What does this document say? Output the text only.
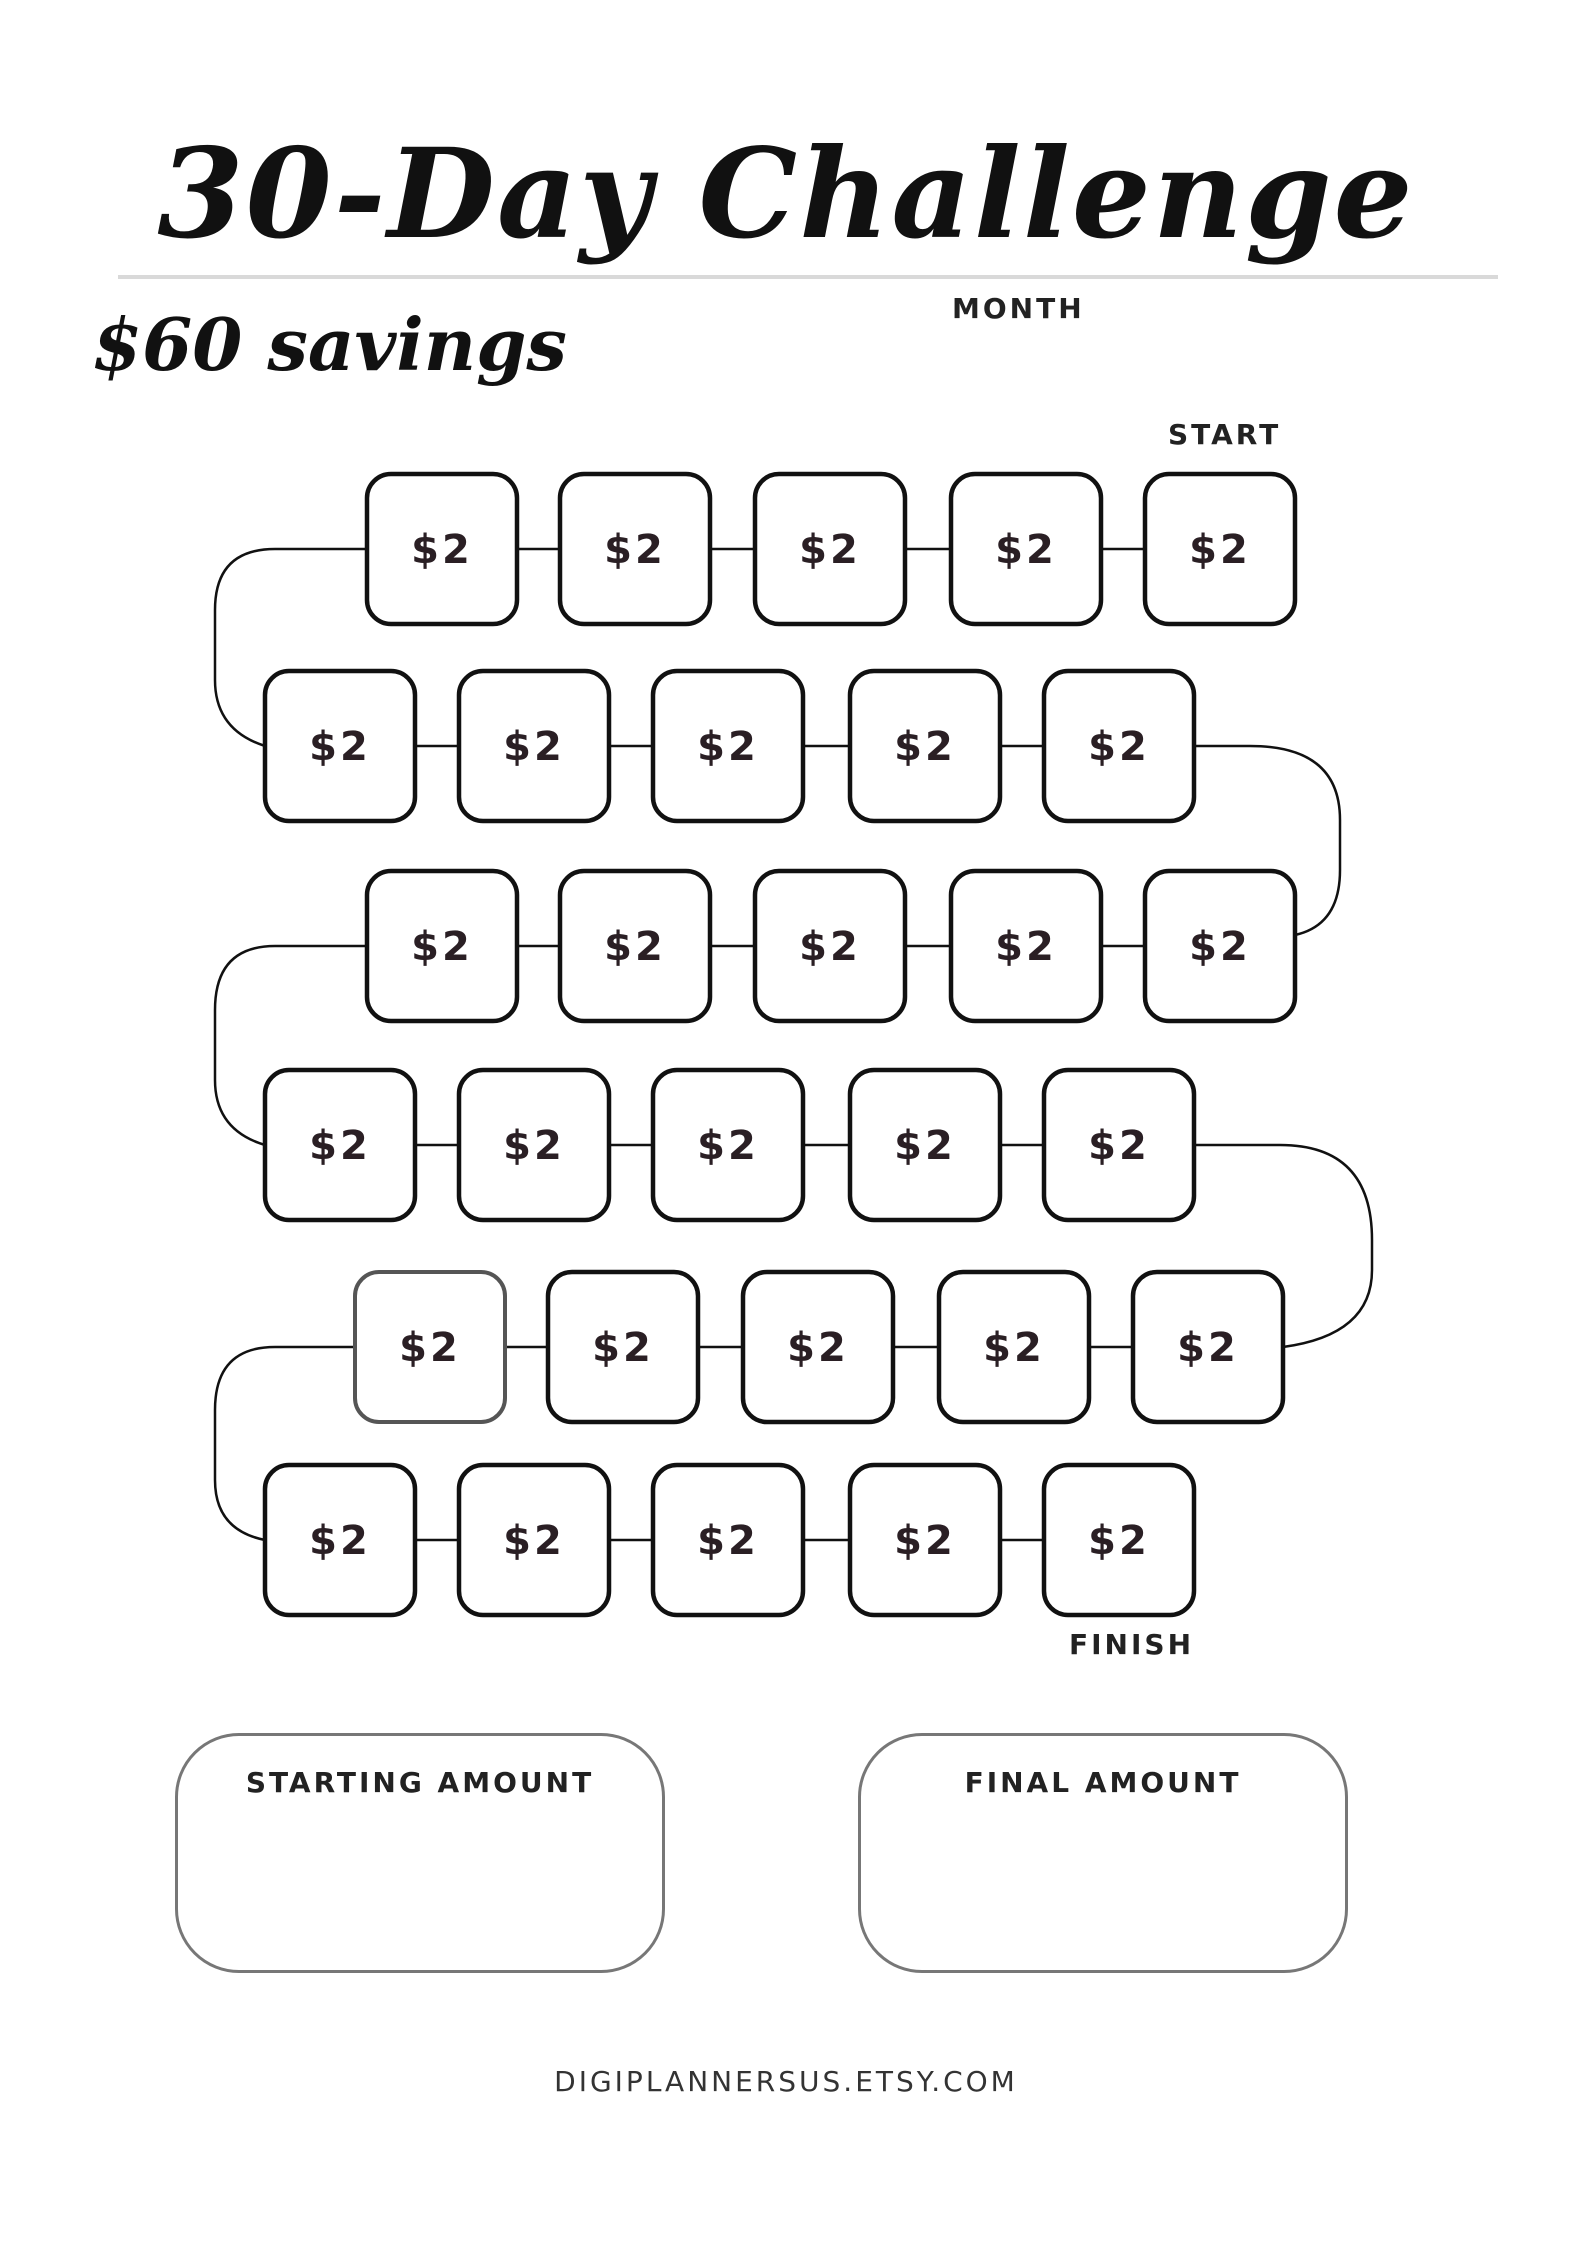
30-Day Challenge
$60 savings	MONTH
START
FINISH
$2	$2	$2	$2	$2
$2	$2	$2	$2	$2
$2	$2	$2	$2	$2
$2	$2	$2	$2	$2
$2	$2	$2	$2	$2
$2	$2	$2	$2	$2
STARTING AMOUNT	FINAL AMOUNT
DIGIPLANNERSUS.ETSY.COM
